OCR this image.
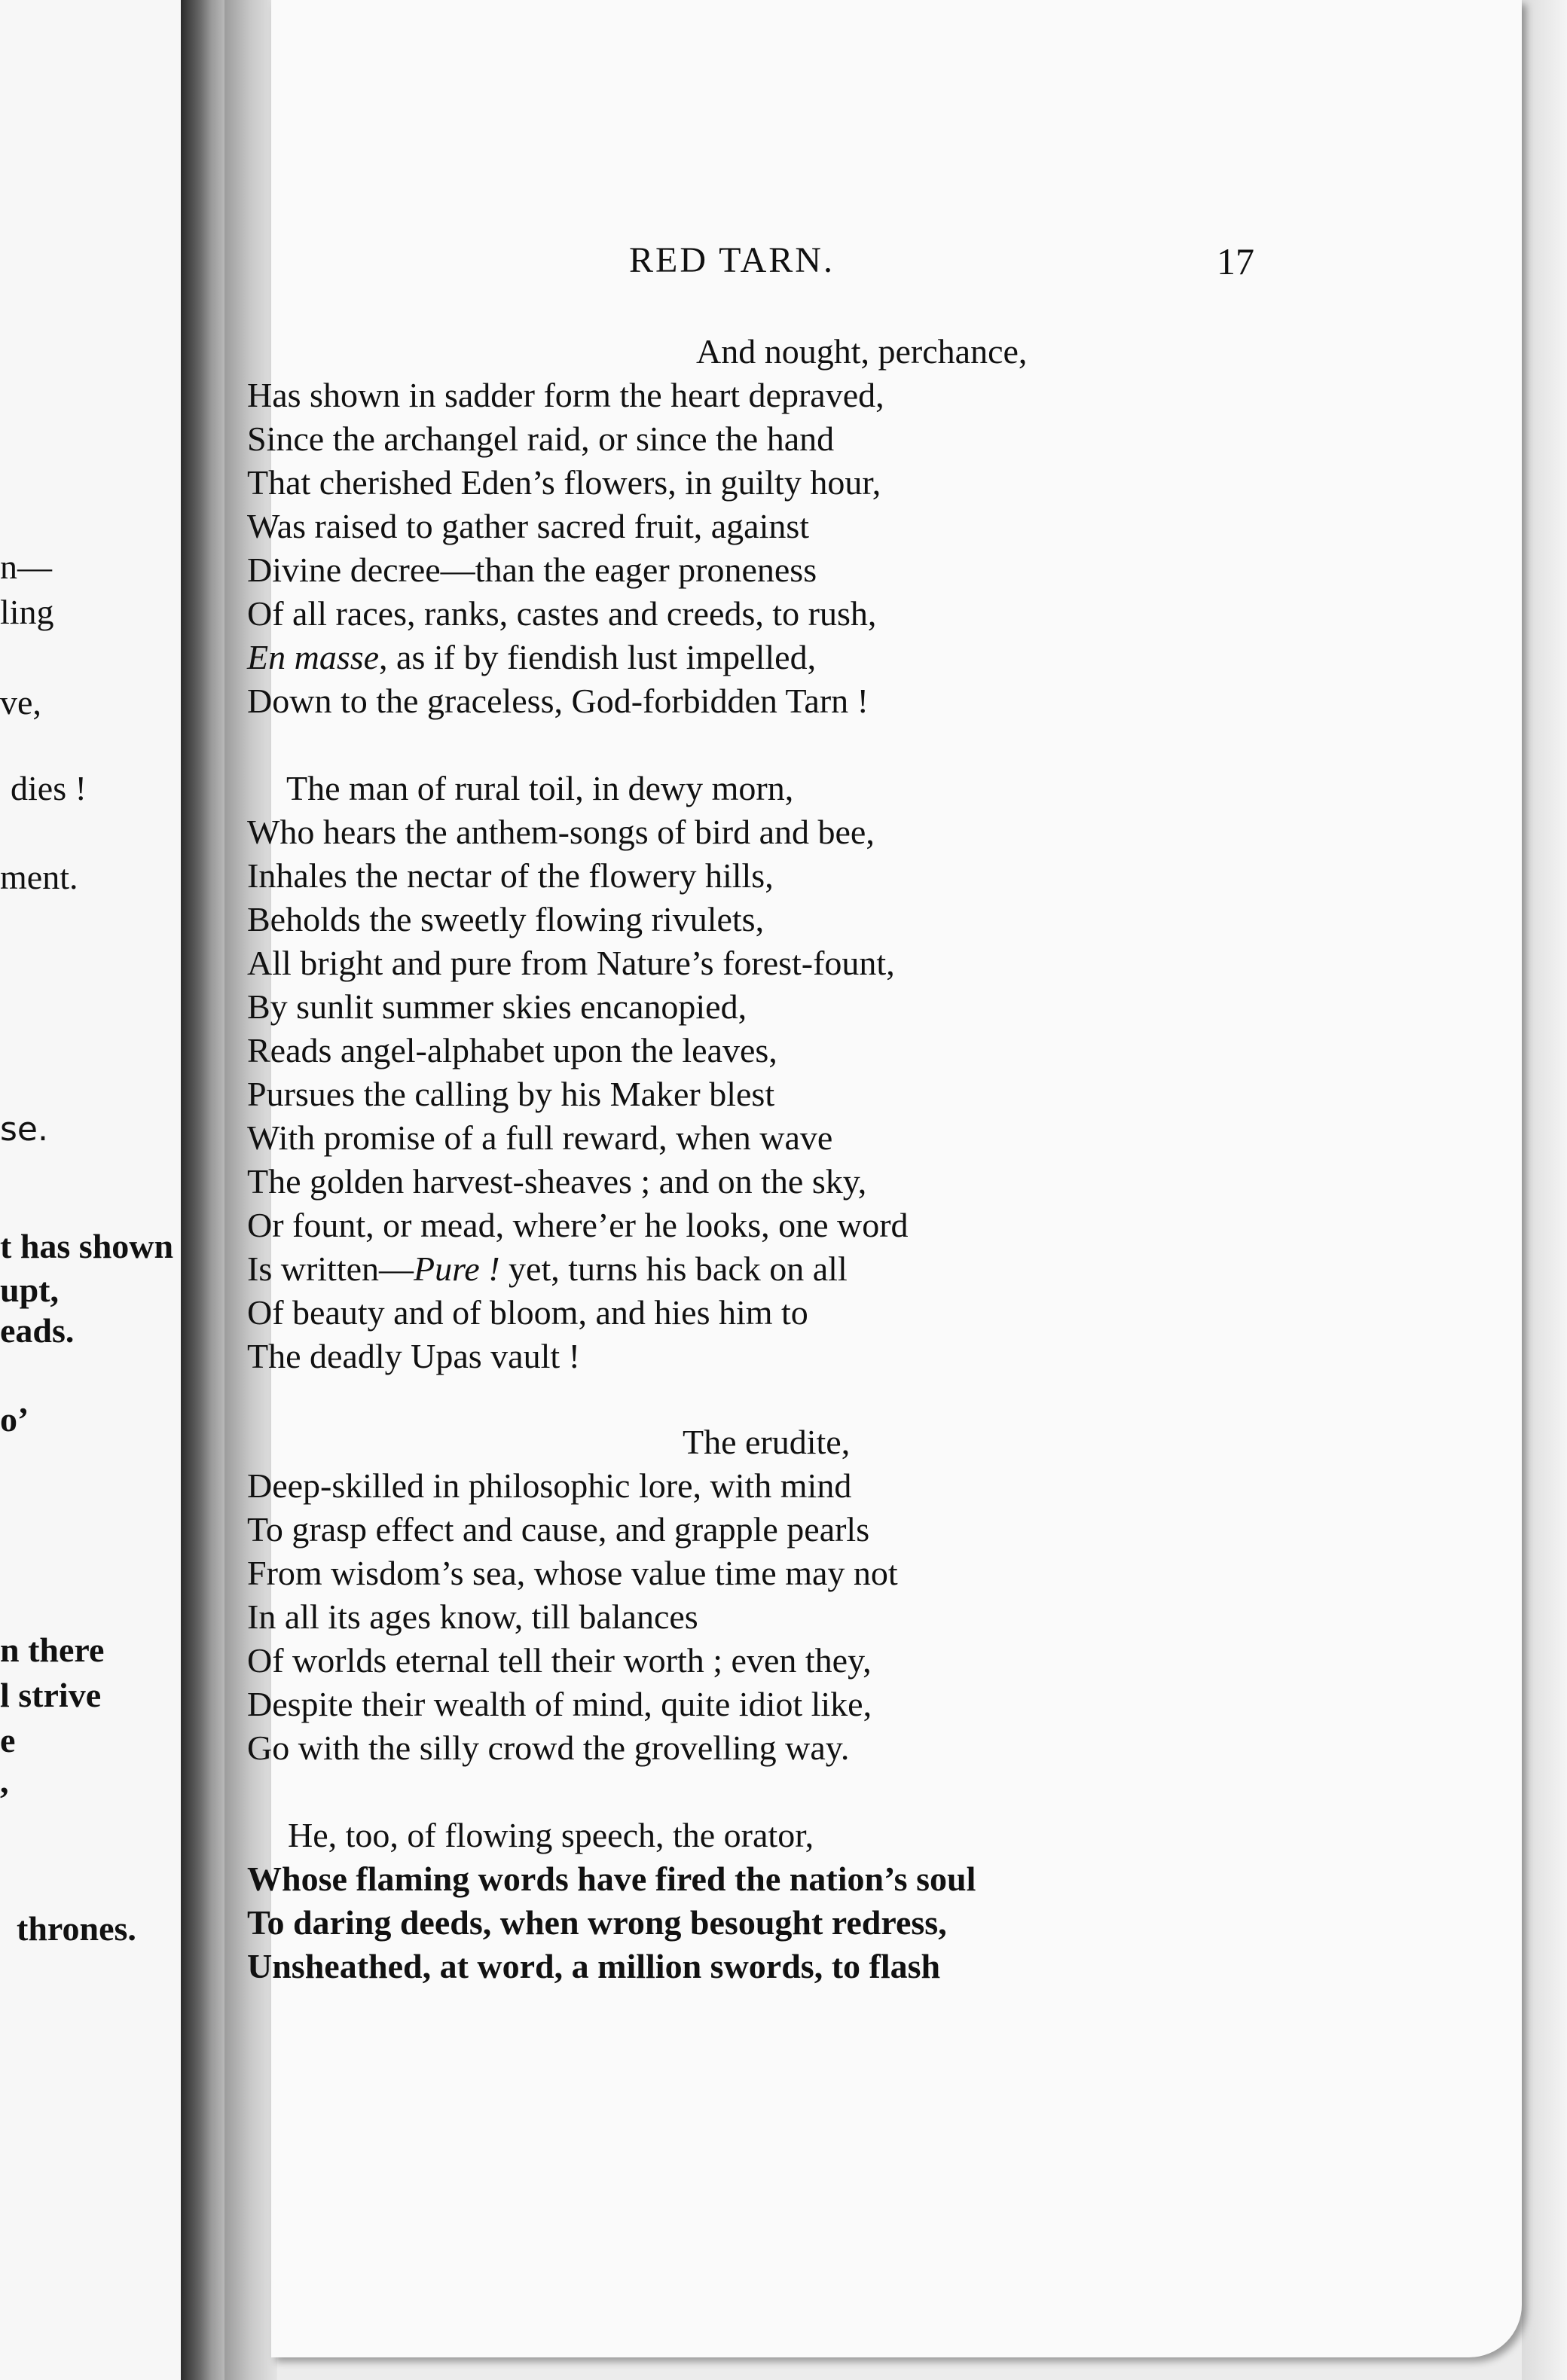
n—
ling
ve,
dies !
ment.
se.
t has shown
upt,
eads.
o’
n there
l strive
e
,
thrones.
RED TARN.	17
And nought, perchance,
Has shown in sadder form the heart depraved,
Since the archangel raid, or since the hand
That cherished Eden’s flowers, in guilty hour,
Was raised to gather sacred fruit, against
Divine decree—than the eager proneness
Of all races, ranks, castes and creeds, to rush,
En masse, as if by fiendish lust impelled,
Down to the graceless, God-forbidden Tarn !
The man of rural toil, in dewy morn,
Who hears the anthem-songs of bird and bee,
Inhales the nectar of the flowery hills,
Beholds the sweetly flowing rivulets,
All bright and pure from Nature’s forest-fount,
By sunlit summer skies encanopied,
Reads angel-alphabet upon the leaves,
Pursues the calling by his Maker blest
With promise of a full reward, when wave
The golden harvest-sheaves ; and on the sky,
Or fount, or mead, where’er he looks, one word
Is written—Pure ! yet, turns his back on all
Of beauty and of bloom, and hies him to
The deadly Upas vault !
The erudite,
Deep-skilled in philosophic lore, with mind
To grasp effect and cause, and grapple pearls
From wisdom’s sea, whose value time may not
In all its ages know, till balances
Of worlds eternal tell their worth ; even they,
Despite their wealth of mind, quite idiot like,
Go with the silly crowd the grovelling way.
He, too, of flowing speech, the orator,
Whose flaming words have fired the nation’s soul
To daring deeds, when wrong besought redress,
Unsheathed, at word, a million swords, to flash
